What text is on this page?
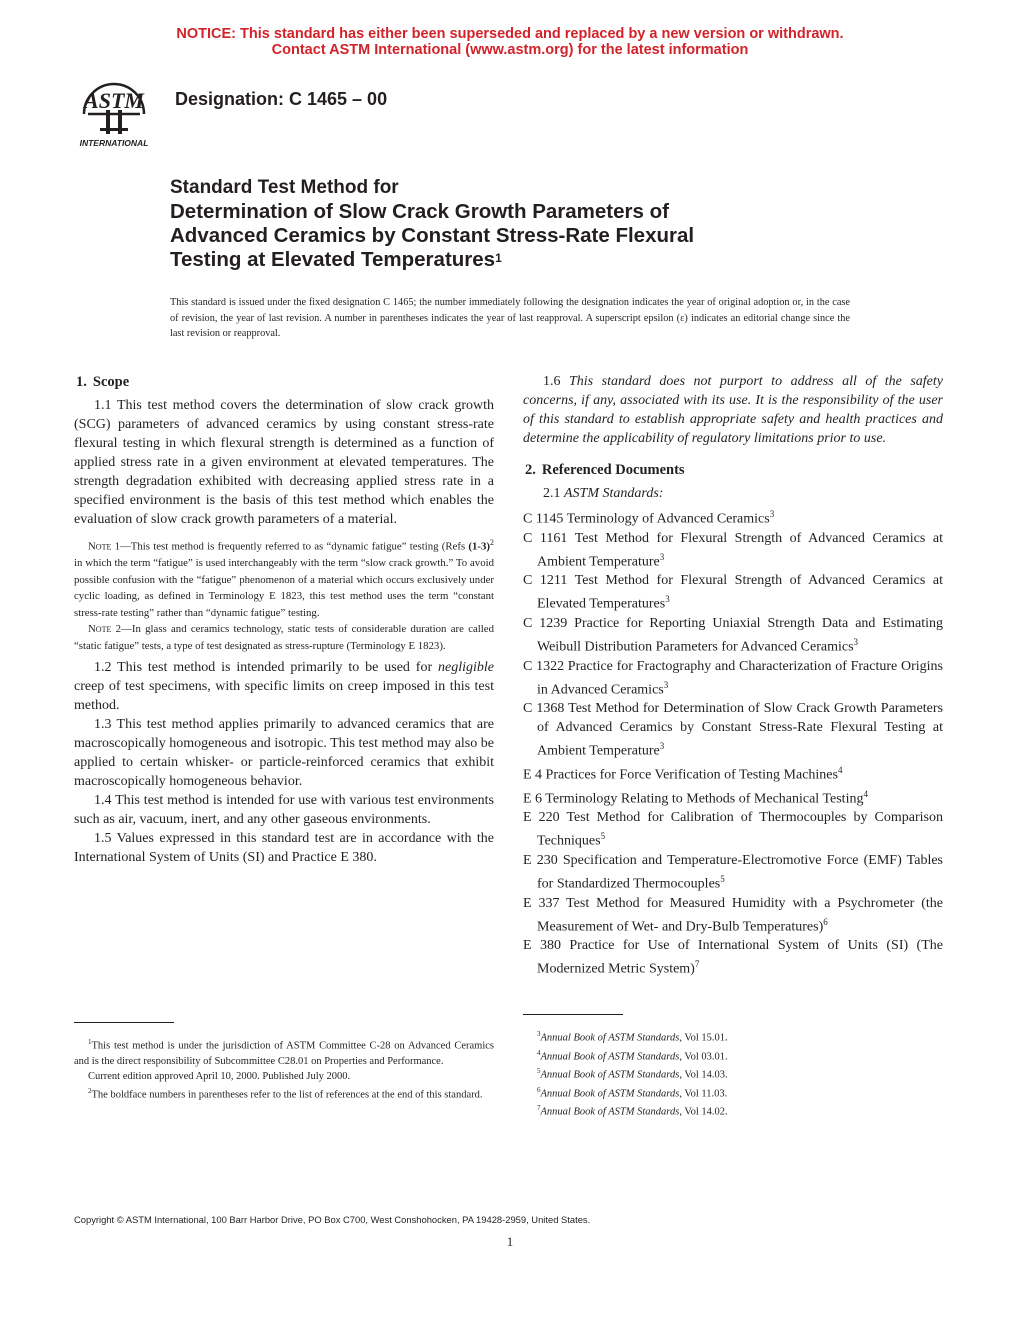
NOTICE: This standard has either been superseded and replaced by a new version or withdrawn.
Contact ASTM International (www.astm.org) for the latest information
ASTM
INTERNATIONAL
Designation: C 1465 – 00
Standard Test Method for
Determination of Slow Crack Growth Parameters of
Advanced Ceramics by Constant Stress-Rate Flexural
Testing at Elevated Temperatures$^1$
This standard is issued under the fixed designation C 1465; the number immediately following the designation indicates the year of original adoption or, in the case of revision, the year of last revision. A number in parentheses indicates the year of last reapproval. A superscript epsilon (ε) indicates an editorial change since the last revision or reapproval.
1. Scope

1.1 This test method covers the determination of slow crack growth (SCG) parameters of advanced ceramics by using constant stress-rate flexural testing in which flexural strength is determined as a function of applied stress rate in a given environment at elevated temperatures. The strength degradation exhibited with decreasing applied stress rate in a specified environment is the basis of this test method which enables the evaluation of slow crack growth parameters of a material.

Note 1—This test method is frequently referred to as “dynamic fatigue” testing (Refs $(1-3)^2$ in which the term “fatigue” is used interchangeably with the term “slow crack growth.” To avoid possible confusion with the “fatigue” phenomenon of a material which occurs exclusively under cyclic loading, as defined in Terminology E 1823, this test method uses the term “constant stress-rate testing” rather than “dynamic fatigue” testing.

Note 2—In glass and ceramics technology, static tests of considerable duration are called “static fatigue” tests, a type of test designated as stress-rupture (Terminology E 1823).

1.2 This test method is intended primarily to be used for negligible creep of test specimens, with specific limits on creep imposed in this test method.

1.3 This test method applies primarily to advanced ceramics that are macroscopically homogeneous and isotropic. This test method may also be applied to certain whisker- or particle-reinforced ceramics that exhibit macroscopically homogeneous behavior.

1.4 This test method is intended for use with various test environments such as air, vacuum, inert, and any other gaseous environments.

1.5 Values expressed in this standard test are in accordance with the International System of Units (SI) and Practice E 380.

1.6 This standard does not purport to address all of the safety concerns, if any, associated with its use. It is the responsibility of the user of this standard to establish appropriate safety and health practices and determine the applicability of regulatory limitations prior to use.

2. Referenced Documents

2.1 ASTM Standards:

C 1145 Terminology of Advanced Ceramics$^3$

C 1161 Test Method for Flexural Strength of Advanced Ceramics at Ambient Temperature$^3$

C 1211 Test Method for Flexural Strength of Advanced Ceramics at Elevated Temperatures$^3$

C 1239 Practice for Reporting Uniaxial Strength Data and Estimating Weibull Distribution Parameters for Advanced Ceramics$^3$

C 1322 Practice for Fractography and Characterization of Fracture Origins in Advanced Ceramics$^3$

C 1368 Test Method for Determination of Slow Crack Growth Parameters of Advanced Ceramics by Constant Stress-Rate Flexural Testing at Ambient Temperature$^3$

E 4 Practices for Force Verification of Testing Machines$^4$

E 6 Terminology Relating to Methods of Mechanical Testing$^4$

E 220 Test Method for Calibration of Thermocouples by Comparison Techniques$^5$

E 230 Specification and Temperature-Electromotive Force (EMF) Tables for Standardized Thermocouples$^5$

E 337 Test Method for Measured Humidity with a Psychrometer (the Measurement of Wet- and Dry-Bulb Temperatures)$^6$

E 380 Practice for Use of International System of Units (SI) (The Modernized Metric System)$^7$

$^1$This test method is under the jurisdiction of ASTM Committee C-28 on Advanced Ceramics and is the direct responsibility of Subcommittee C28.01 on Properties and Performance.

Current edition approved April 10, 2000. Published July 2000.

$^2$The boldface numbers in parentheses refer to the list of references at the end of this standard.

$^3$Annual Book of ASTM Standards, Vol 15.01.

$^4$Annual Book of ASTM Standards, Vol 03.01.

$^5$Annual Book of ASTM Standards, Vol 14.03.

$^6$Annual Book of ASTM Standards, Vol 11.03.

$^7$Annual Book of ASTM Standards, Vol 14.02.

Copyright © ASTM International, 100 Barr Harbor Drive, PO Box C700, West Conshohocken, PA 19428-2959, United States.
1
